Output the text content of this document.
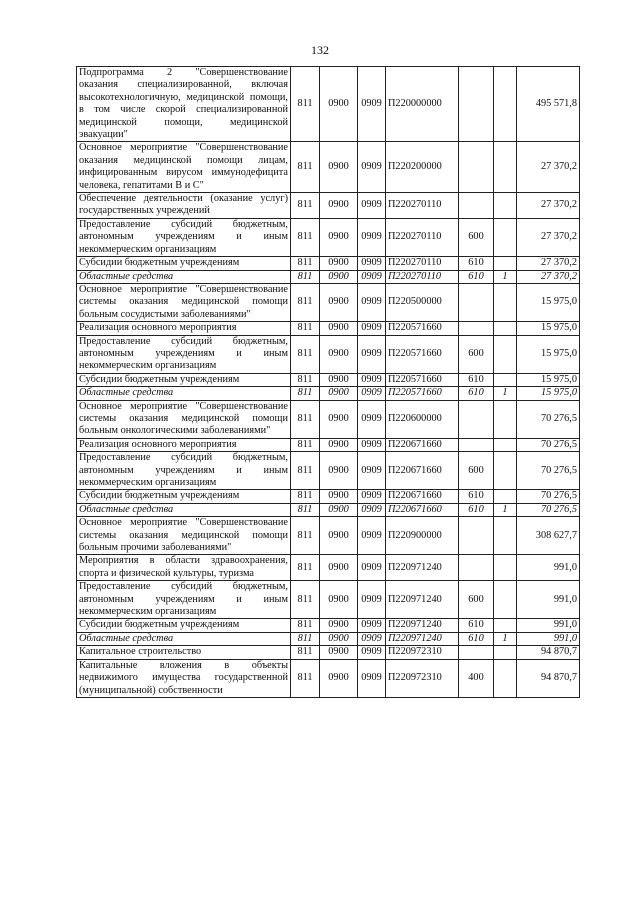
132
Подпрограмма 2 "Совершенствование оказания специализированной, включая высокотехнологичную, медицинской помощи, в том числе скорой специализированной медицинской помощи, медицинской эвакуации"	811	0900	0909	П220000000			495 571,8
Основное мероприятие "Совершенствование оказания медицинской помощи лицам, инфицированным вирусом иммунодефицита человека, гепатитами В и С"	811	0900	0909	П220200000			27 370,2
Обеспечение деятельности (оказание услуг) государственных учреждений	811	0900	0909	П220270110			27 370,2
Предоставление субсидий бюджетным, автономным учреждениям и иным некоммерческим организациям	811	0900	0909	П220270110	600		27 370,2
Субсидии бюджетным учреждениям	811	0900	0909	П220270110	610		27 370,2
Областные средства	811	0900	0909	П220270110	610	1	27 370,2
Основное мероприятие "Совершенствование системы оказания медицинской помощи больным сосудистыми заболеваниями"	811	0900	0909	П220500000			15 975,0
Реализация основного мероприятия	811	0900	0909	П220571660			15 975,0
Предоставление субсидий бюджетным, автономным учреждениям и иным некоммерческим организациям	811	0900	0909	П220571660	600		15 975,0
Субсидии бюджетным учреждениям	811	0900	0909	П220571660	610		15 975,0
Областные средства	811	0900	0909	П220571660	610	1	15 975,0
Основное мероприятие "Совершенствование системы оказания медицинской помощи больным онкологическими заболеваниями"	811	0900	0909	П220600000			70 276,5
Реализация основного мероприятия	811	0900	0909	П220671660			70 276,5
Предоставление субсидий бюджетным, автономным учреждениям и иным некоммерческим организациям	811	0900	0909	П220671660	600		70 276,5
Субсидии бюджетным учреждениям	811	0900	0909	П220671660	610		70 276,5
Областные средства	811	0900	0909	П220671660	610	1	70 276,5
Основное мероприятие "Совершенствование системы оказания медицинской помощи больным прочими заболеваниями"	811	0900	0909	П220900000			308 627,7
Мероприятия в области здравоохранения, спорта и физической культуры, туризма	811	0900	0909	П220971240			991,0
Предоставление субсидий бюджетным, автономным учреждениям и иным некоммерческим организациям	811	0900	0909	П220971240	600		991,0
Субсидии бюджетным учреждениям	811	0900	0909	П220971240	610		991,0
Областные средства	811	0900	0909	П220971240	610	1	991,0
Капитальное строительство	811	0900	0909	П220972310			94 870,7
Капитальные вложения в объекты недвижимого имущества государственной (муниципальной) собственности	811	0900	0909	П220972310	400		94 870,7
